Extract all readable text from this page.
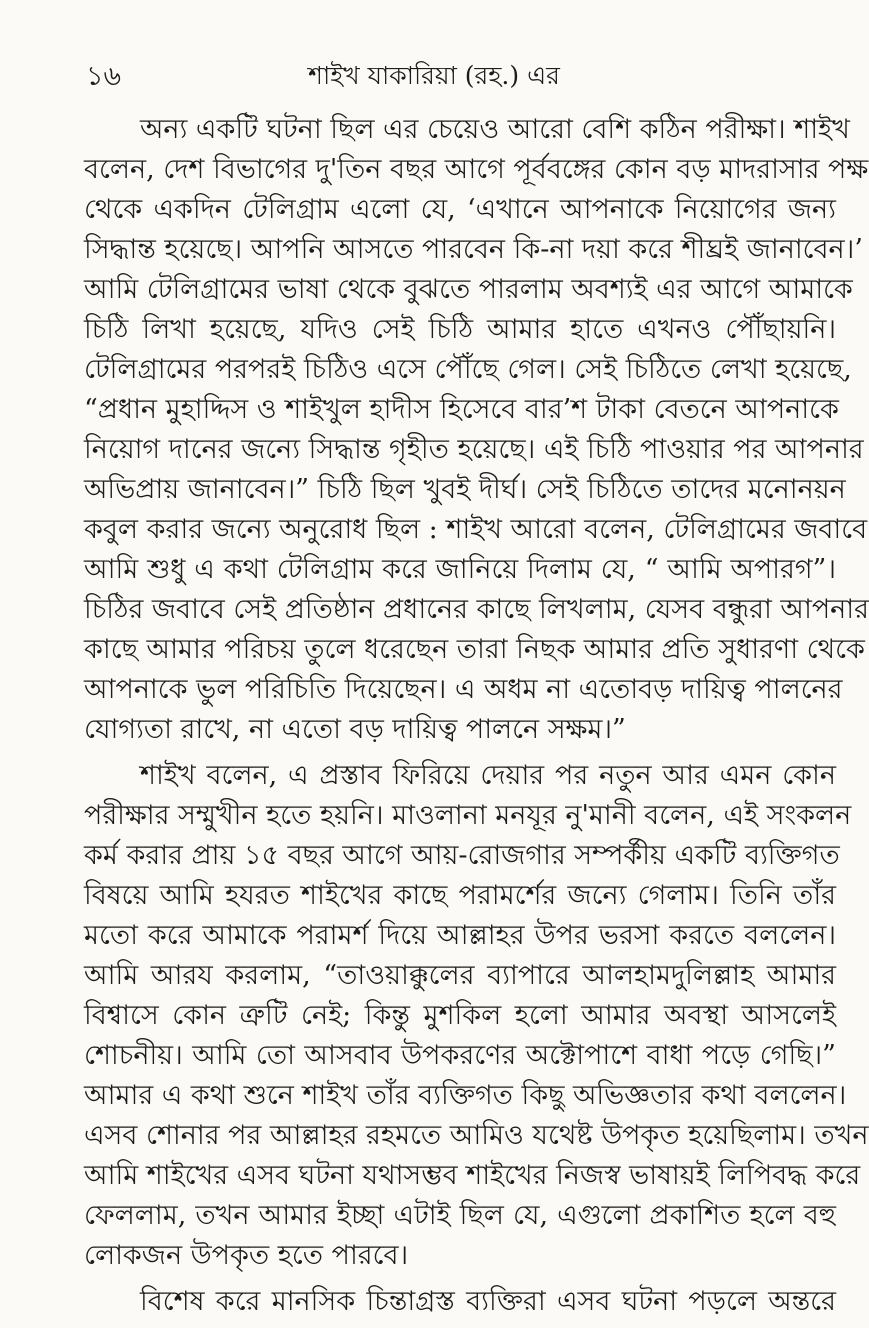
১৬	শাইখ যাকারিয়া (রহ.) এর

অন্য একটি ঘটনা ছিল এর চেয়েও আরো বেশি কঠিন পরীক্ষা। শাইখ
বলেন, দেশ বিভাগের দু'তিন বছর আগে পূর্ববঙ্গের কোন বড় মাদরাসার পক্ষ
থেকে একদিন টেলিগ্রাম এলো যে, ‘এখানে আপনাকে নিয়োগের জন্য
সিদ্ধান্ত হয়েছে। আপনি আসতে পারবেন কি-না দয়া করে শীঘ্রই জানাবেন।’
আমি টেলিগ্রামের ভাষা থেকে বুঝতে পারলাম অবশ্যই এর আগে আমাকে
চিঠি লিখা হয়েছে, যদিও সেই চিঠি আমার হাতে এখনও পৌঁছায়নি।
টেলিগ্রামের পরপরই চিঠিও এসে পৌঁছে গেল। সেই চিঠিতে লেখা হয়েছে,
“প্রধান মুহাদ্দিস ও শাইখুল হাদীস হিসেবে বার’শ টাকা বেতনে আপনাকে
নিয়োগ দানের জন্যে সিদ্ধান্ত গৃহীত হয়েছে। এই চিঠি পাওয়ার পর আপনার
অভিপ্রায় জানাবেন।” চিঠি ছিল খুবই দীর্ঘ। সেই চিঠিতে তাদের মনোনয়ন
কবুল করার জন্যে অনুরোধ ছিল : শাইখ আরো বলেন, টেলিগ্রামের জবাবে
আমি শুধু এ কথা টেলিগ্রাম করে জানিয়ে দিলাম যে, “ আমি অপারগ”।
চিঠির জবাবে সেই প্রতিষ্ঠান প্রধানের কাছে লিখলাম, যেসব বন্ধুরা আপনার
কাছে আমার পরিচয় তুলে ধরেছেন তারা নিছক আমার প্রতি সুধারণা থেকে
আপনাকে ভুল পরিচিতি দিয়েছেন। এ অধম না এতোবড় দায়িত্ব পালনের
যোগ্যতা রাখে, না এতো বড় দায়িত্ব পালনে সক্ষম।”

শাইখ বলেন, এ প্রস্তাব ফিরিয়ে দেয়ার পর নতুন আর এমন কোন
পরীক্ষার সম্মুখীন হতে হয়নি। মাওলানা মনযূর নু'মানী বলেন, এই সংকলন
কর্ম করার প্রায় ১৫ বছর আগে আয়-রোজগার সম্পর্কীয় একটি ব্যক্তিগত
বিষয়ে আমি হযরত শাইখের কাছে পরামর্শের জন্যে গেলাম। তিনি তাঁর
মতো করে আমাকে পরামর্শ দিয়ে আল্লাহর উপর ভরসা করতে বললেন।
আমি আরয করলাম, “তাওয়াক্কুলের ব্যাপারে আলহামদুলিল্লাহ আমার
বিশ্বাসে কোন ত্রুটি নেই; কিন্তু মুশকিল হলো আমার অবস্থা আসলেই
শোচনীয়। আমি তো আসবাব উপকরণের অক্টোপাশে বাধা পড়ে গেছি।”
আমার এ কথা শুনে শাইখ তাঁর ব্যক্তিগত কিছু অভিজ্ঞতার কথা বললেন।
এসব শোনার পর আল্লাহর রহমতে আমিও যথেষ্ট উপকৃত হয়েছিলাম। তখন
আমি শাইখের এসব ঘটনা যথাসম্ভব শাইখের নিজস্ব ভাষায়ই লিপিবদ্ধ করে
ফেললাম, তখন আমার ইচ্ছা এটাই ছিল যে, এগুলো প্রকাশিত হলে বহু
লোকজন উপকৃত হতে পারবে।

বিশেষ করে মানসিক চিন্তাগ্রস্ত ব্যক্তিরা এসব ঘটনা পড়লে অন্তরে
